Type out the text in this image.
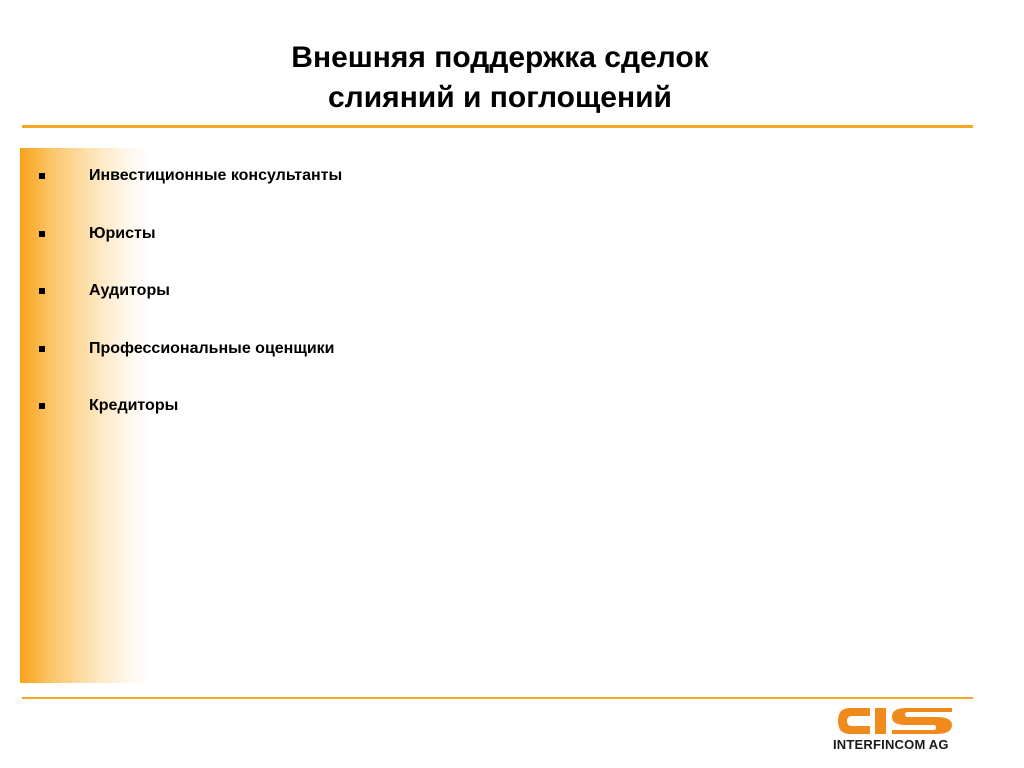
Внешняя поддержка сделок
слияний и поглощений
Инвестиционные консультанты
Юристы
Аудиторы
Профессиональные оценщики
Кредиторы
INTERFINCOM AG
